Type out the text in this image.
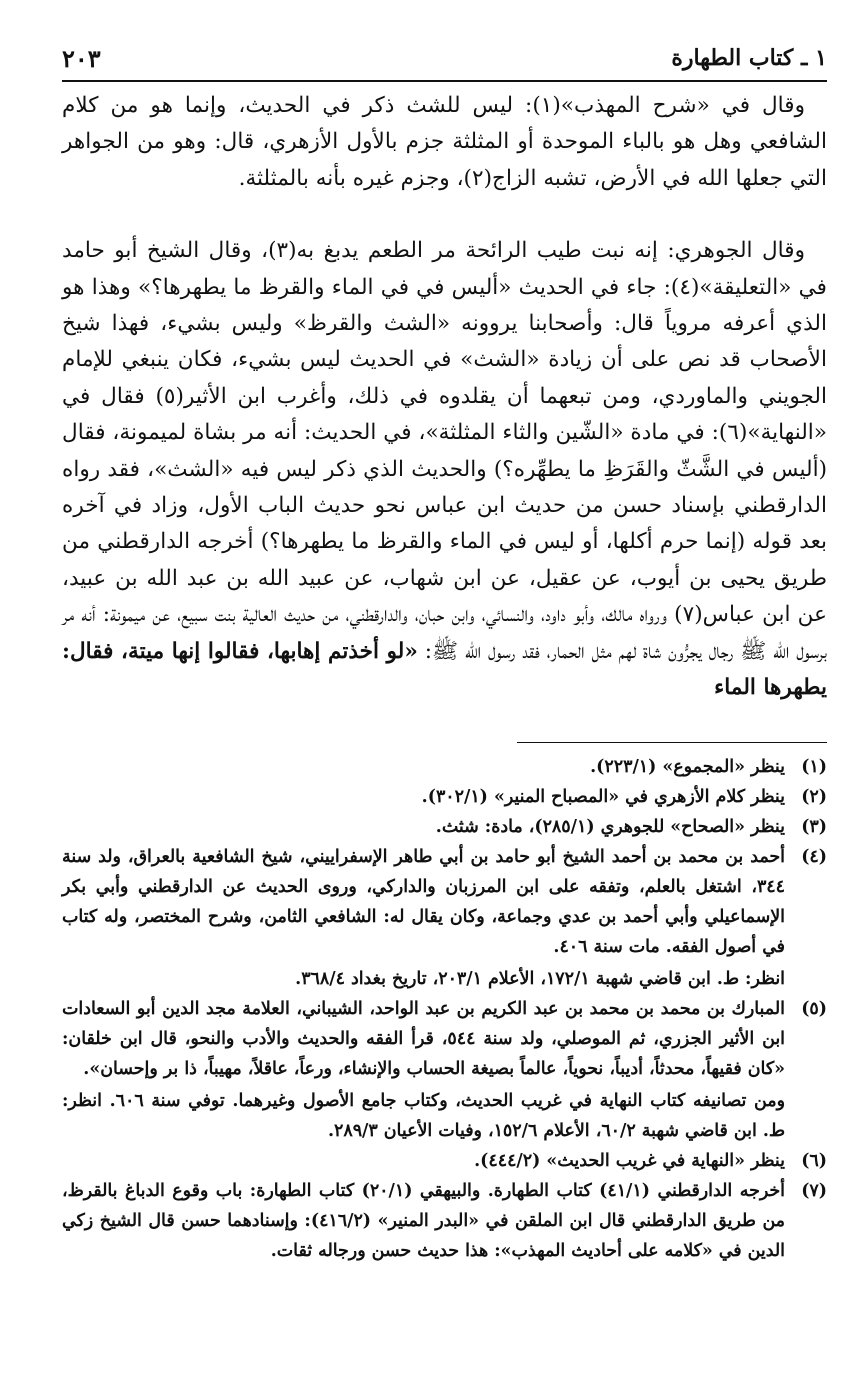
١ ـ كتاب الطهارة
٢٠٣

وقال في «شرح المهذب»(١): ليس للشث ذكر في الحديث، وإنما هو من كلام الشافعي وهل هو بالباء الموحدة أو المثلثة جزم بالأول الأزهري، قال: وهو من الجواهر التي جعلها الله في الأرض، تشبه الزاج(٢)، وجزم غيره بأنه بالمثلثة.

وقال الجوهري: إنه نبت طيب الرائحة مر الطعم يدبغ به(٣)، وقال الشيخ أبو حامد في «التعليقة»(٤): جاء في الحديث «أليس في في الماء والقرظ ما يطهرها؟» وهذا هو الذي أعرفه مروياً قال: وأصحابنا يروونه «الشث والقرظ» وليس بشيء، فهذا شيخ الأصحاب قد نص على أن زيادة «الشث» في الحديث ليس بشيء، فكان ينبغي للإمام الجويني والماوردي، ومن تبعهما أن يقلدوه في ذلك، وأغرب ابن الأثير(٥) فقال في «النهاية»(٦): في مادة «الشّين والثاء المثلثة»، في الحديث: أنه مر بشاة لميمونة، فقال (أليس في الشَّثّ والقَرَظِ ما يطهِّره؟) والحديث الذي ذكر ليس فيه «الشث»، فقد رواه الدارقطني بإسناد حسن من حديث ابن عباس نحو حديث الباب الأول، وزاد في آخره بعد قوله (إنما حرم أكلها، أو ليس في الماء والقرظ ما يطهرها؟) أخرجه الدارقطني من طريق يحيى بن أيوب، عن عقيل، عن ابن شهاب، عن عبيد الله بن عبد الله بن عبيد، عن ابن عباس(٧) ورواه مالك، وأبو داود، والنسائي، وابن حبان، والدارقطني، من حديث العالية بنت سبيع، عن ميمونة: أنه مر برسول الله ﷺ رجال يجرُّون شاة لهم مثل الحمار، فقد رسول الله ﷺ: «لو أخذتم إهابها، فقالوا إنها ميتة، فقال: يطهرها الماء

(١)
ينظر «المجموع» (٢٢٣/١).
(٢)
ينظر كلام الأزهري في «المصباح المنير» (٣٠٢/١).
(٣)
ينظر «الصحاح» للجوهري (٢٨٥/١)، مادة: شثث.
(٤)
أحمد بن محمد بن أحمد الشيخ أبو حامد بن أبي طاهر الإسفراييني، شيخ الشافعية بالعراق، ولد سنة ٣٤٤، اشتغل بالعلم، وتفقه على ابن المرزبان والداركي، وروى الحديث عن الدارقطني وأبي بكر الإسماعيلي وأبي أحمد بن عدي وجماعة، وكان يقال له: الشافعي الثامن، وشرح المختصر، وله كتاب في أصول الفقه. مات سنة ٤٠٦.
انظر: ط. ابن قاضي شهبة ١٧٢/١، الأعلام ٢٠٣/١، تاريخ بغداد ٣٦٨/٤.
(٥)
المبارك بن محمد بن محمد بن عبد الكريم بن عبد الواحد، الشيباني، العلامة مجد الدين أبو السعادات ابن الأثير الجزري، ثم الموصلي، ولد سنة ٥٤٤، قرأ الفقه والحديث والأدب والنحو، قال ابن خلقان: «كان فقيهاً، محدثاً، أديباً، نحوياً، عالماً بصيغة الحساب والإنشاء، ورعاً، عاقلاً، مهيباً، ذا بر وإحسان».
ومن تصانيفه كتاب النهاية في غريب الحديث، وكتاب جامع الأصول وغيرهما. توفي سنة ٦٠٦. انظر: ط. ابن قاضي شهبة ٦٠/٢، الأعلام ١٥٢/٦، وفيات الأعيان ٢٨٩/٣.
(٦)
ينظر «النهاية في غريب الحديث» (٤٤٤/٢).
(٧)
أخرجه الدارقطني (٤١/١) كتاب الطهارة. والبيهقي (٢٠/١) كتاب الطهارة: باب وقوع الدباغ بالقرظ، من طريق الدارقطني قال ابن الملقن في «البدر المنير» (٤١٦/٢): وإسنادهما حسن قال الشيخ زكي الدين في «كلامه على أحاديث المهذب»: هذا حديث حسن ورجاله ثقات.
